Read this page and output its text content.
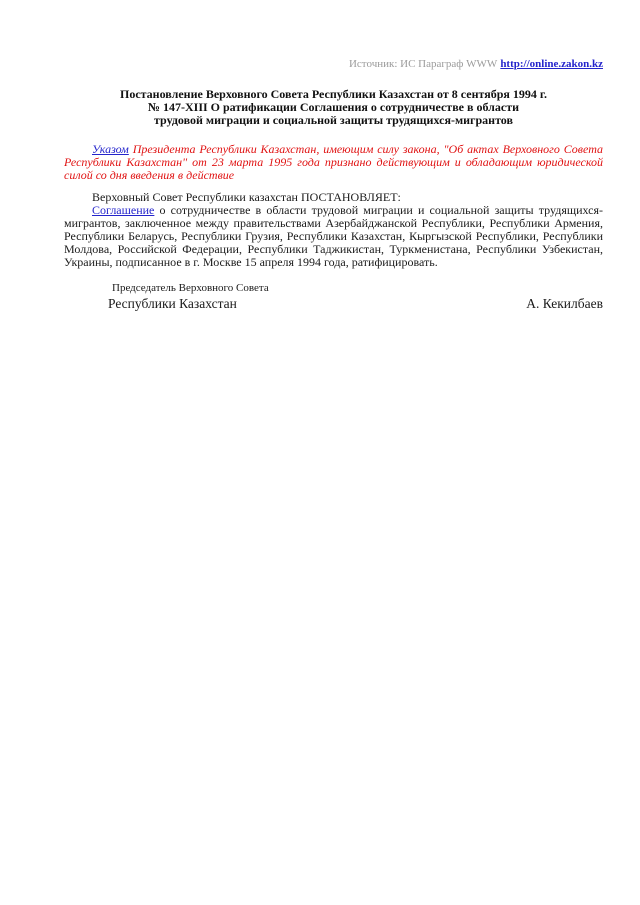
Источник: ИС Параграф WWW http://online.zakon.kz
Постановление Верховного Совета Республики Казахстан от 8 сентября 1994 г.
№ 147-XIII О ратификации Соглашения о сотрудничестве в области
трудовой миграции и социальной защиты трудящихся-мигрантов

Указом Президента Республики Казахстан, имеющим силу закона, "Об актах Верховного Совета Республики Казахстан" от 23 марта 1995 года признано действующим и обладающим юридической силой со дня введения в действие

Верховный Совет Республики казахстан ПОСТАНОВЛЯЕТ:

Соглашение о сотрудничестве в области трудовой миграции и социальной защиты трудящихся-мигрантов, заключенное между правительствами Азербайджанской Республики, Республики Армения, Республики Беларусь, Республики Грузия, Республики Казахстан, Кыргызской Республики, Республики Молдова, Российской Федерации, Республики Таджикистан, Туркменистана, Республики Узбекистан, Украины, подписанное в г. Москве 15 апреля 1994 года, ратифицировать.

Председатель Верховного Совета
Республики Казахстан	А. Кекилбаев
